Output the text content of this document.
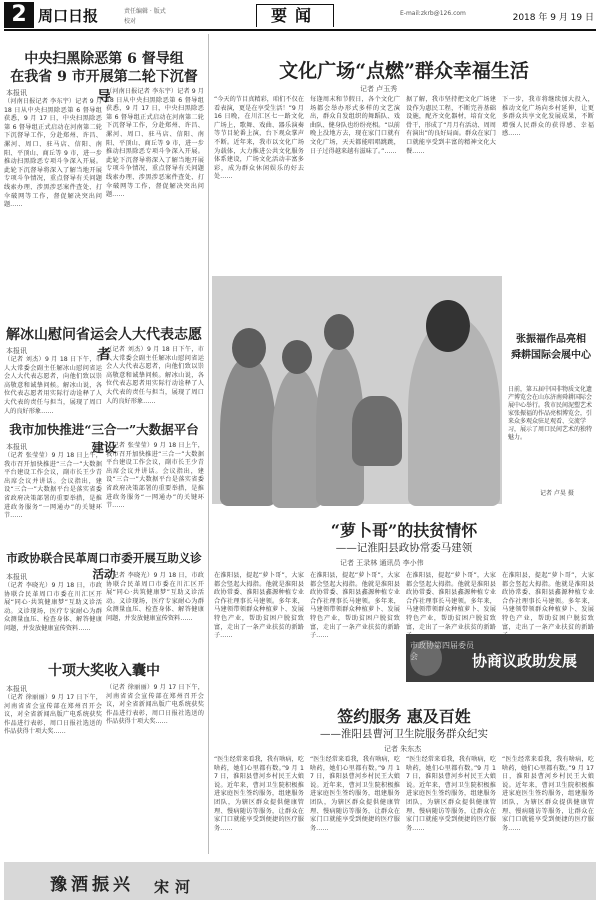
2 周口日报	责任编辑 · 版式
校对	要闻	E-mail:zkrb@126.com	2018 年 9 月 19 日
中央扫黑除恶第 6 督导组
在我省 9 市开展第二轮下沉督导
本报讯
（河南日报记者 李东宇）记者 9 月 18 日从中央扫黑除恶第 6 督导组获悉，9 月 17 日，中央扫黑除恶第 6 督导组正式启动在河南第二轮下沉督导工作，分赴郑州、许昌、漯河、周口、驻马店、信阳、南阳、平顶山、商丘等 9 市，进一步推动扫黑除恶专项斗争深入开展。此轮下沉督导将深入了解当地开展专项斗争情况，重点督导有关问题线索办理、涉黑涉恶案件查处、打伞破网等工作，督促解决突出问题……
（河南日报记者 李东宇）记者 9 月 18 日从中央扫黑除恶第 6 督导组获悉，9 月 17 日，中央扫黑除恶第 6 督导组正式启动在河南第二轮下沉督导工作，分赴郑州、许昌、漯河、周口、驻马店、信阳、南阳、平顶山、商丘等 9 市，进一步推动扫黑除恶专项斗争深入开展。此轮下沉督导将深入了解当地开展专项斗争情况，重点督导有关问题线索办理、涉黑涉恶案件查处、打伞破网等工作，督促解决突出问题……
解冰山慰问省运会人大代表志愿者
本报讯
（记者 刘杰）9 月 18 日下午，市人大常委会副主任解冰山慰问省运会人大代表志愿者，向他们致以崇高敬意和诚挚问候。解冰山说，各位代表志愿者用实际行动诠释了人大代表的责任与担当，展现了周口人的良好形象……
（记者 刘杰）9 月 18 日下午，市人大常委会副主任解冰山慰问省运会人大代表志愿者，向他们致以崇高敬意和诚挚问候。解冰山说，各位代表志愿者用实际行动诠释了人大代表的责任与担当，展现了周口人的良好形象……
我市加快推进“三合一”大数据平台建设
本报讯
（记者 张莹莹）9 月 18 日上午，我市召开加快推进“三合一”大数据平台建设工作会议，副市长王少青出席会议并讲话。会议指出，建设“三合一”大数据平台是落实省委省政府决策部署的重要举措，是推进政务服务“一网通办”的关键环节……
（记者 张莹莹）9 月 18 日上午，我市召开加快推进“三合一”大数据平台建设工作会议，副市长王少青出席会议并讲话。会议指出，建设“三合一”大数据平台是落实省委省政府决策部署的重要举措，是推进政务服务“一网通办”的关键环节……
市政协联合民革周口市委开展互助义诊活动
本报讯
（记者 李晓光）9 月 18 日，市政协联合民革周口市委在川汇区开展“同心·共筑健康梦”互助义诊活动。义诊现场，医疗专家耐心为群众测量血压、检查身体、解答健康问题，并发放健康宣传资料……
（记者 李晓光）9 月 18 日，市政协联合民革周口市委在川汇区开展“同心·共筑健康梦”互助义诊活动。义诊现场，医疗专家耐心为群众测量血压、检查身体、解答健康问题，并发放健康宣传资料……
十项大奖收入囊中
本报讯
（记者 徐丽丽）9 月 17 日下午，河南省省会宣传部在郑州召开会议，对全省新闻出版广电系统获奖作品进行表彰，周口日报社选送的作品获得十项大奖……
（记者 徐丽丽）9 月 17 日下午，河南省省会宣传部在郑州召开会议，对全省新闻出版广电系统获奖作品进行表彰，周口日报社选送的作品获得十项大奖……
文化广场“点燃”群众幸福生活
记者 卢玉秀
“今天的节目真精彩，咱们不仅在看表演，更是在享受生活！”9 月 16 日晚，在川汇区七一路文化广场上，歌舞、戏曲、器乐演奏等节目轮番上演，台下观众掌声不断。近年来，我市以文化广场为载体，大力推进公共文化服务体系建设，广场文化活动丰富多彩，成为群众休闲娱乐的好去处……
每逢周末和节假日，各个文化广场都会举办形式多样的文艺演出，群众自发组织的舞蹈队、戏曲队、健身队也纷纷亮相。“以前晚上没地方去，现在家门口就有文化广场，天天都能唱唱跳跳，日子过得越来越有滋味了。”……
据了解，我市坚持把文化广场建设作为惠民工程，不断完善基础设施，配齐文化器材，培育文化骨干，形成了“月月有活动、周周有演出”的良好局面。群众在家门口就能享受到丰富的精神文化大餐……
下一步，我市将继续加大投入，推动文化广场向乡村延伸，让更多群众共享文化发展成果，不断增强人民群众的获得感、幸福感……
张振福作品亮相
舜耕国际会展中心
日前，第五届中国非物质文化遗产博览会在山东济南舜耕国际会展中心举行。我市民间泥塑艺术家张振福的作品亮相博览会，引来众多观众驻足观看、交流学习，展示了周口民间艺术的独特魅力。
记者 卢昊 摄
“萝卜哥”的扶贫情怀
——记淮阳县政协常委马建领
记者 王录林 通讯员 李小伟
在淮阳县，提起“萝卜哥”，大家都会竖起大拇指。他就是淮阳县政协常委、淮阳县鑫源种植专业合作社理事长马建领。多年来，马建领带领群众种植萝卜、发展特色产业，帮助贫困户脱贫致富，走出了一条产业扶贫的新路子……
在淮阳县，提起“萝卜哥”，大家都会竖起大拇指。他就是淮阳县政协常委、淮阳县鑫源种植专业合作社理事长马建领。多年来，马建领带领群众种植萝卜、发展特色产业，帮助贫困户脱贫致富，走出了一条产业扶贫的新路子……
在淮阳县，提起“萝卜哥”，大家都会竖起大拇指。他就是淮阳县政协常委、淮阳县鑫源种植专业合作社理事长马建领。多年来，马建领带领群众种植萝卜、发展特色产业，帮助贫困户脱贫致富，走出了一条产业扶贫的新路
在淮阳县，提起“萝卜哥”，大家都会竖起大拇指。他就是淮阳县政协常委、淮阳县鑫源种植专业合作社理事长马建领。多年来，马建领带领群众种植萝卜、发展特色产业，帮助贫困户脱贫致富，走出了一条产业扶贫的新路
市政协第四届委员会	协商议政助发展
签约服务 惠及百姓
——淮阳县曹河卫生院服务群众纪实
记者 朱东杰
“医生经常来看我，我有啥病，吃啥药，她们心里都有数。”9 月 17 日，淮阳县曹河乡村民王大娘说。近年来，曹河卫生院积极推进家庭医生签约服务，组建服务团队，为辖区群众提供健康管理、慢病随访等服务，让群众在家门口就能享受到便捷的医疗服务……
“医生经常来看我，我有啥病，吃啥药，她们心里都有数。”9 月 17 日，淮阳县曹河乡村民王大娘说。近年来，曹河卫生院积极推进家庭医生签约服务，组建服务团队，为辖区群众提供健康管理、慢病随访等服务，让群众在家门口就能享受到便捷的医疗服务……
“医生经常来看我，我有啥病，吃啥药，她们心里都有数。”9 月 17 日，淮阳县曹河乡村民王大娘说。近年来，曹河卫生院积极推进家庭医生签约服务，组建服务团队，为辖区群众提供健康管理、慢病随访等服务，让群众在家门口就能享受到便捷的医疗服务……
“医生经常来看我，我有啥病，吃啥药，她们心里都有数。”9 月 17 日，淮阳县曹河乡村民王大娘说。近年来，曹河卫生院积极推进家庭医生签约服务，组建服务团队，为辖区群众提供健康管理、慢病随访等服务，让群众在家门口就能享受到便捷的医疗服务……
豫酒振兴 宋河
